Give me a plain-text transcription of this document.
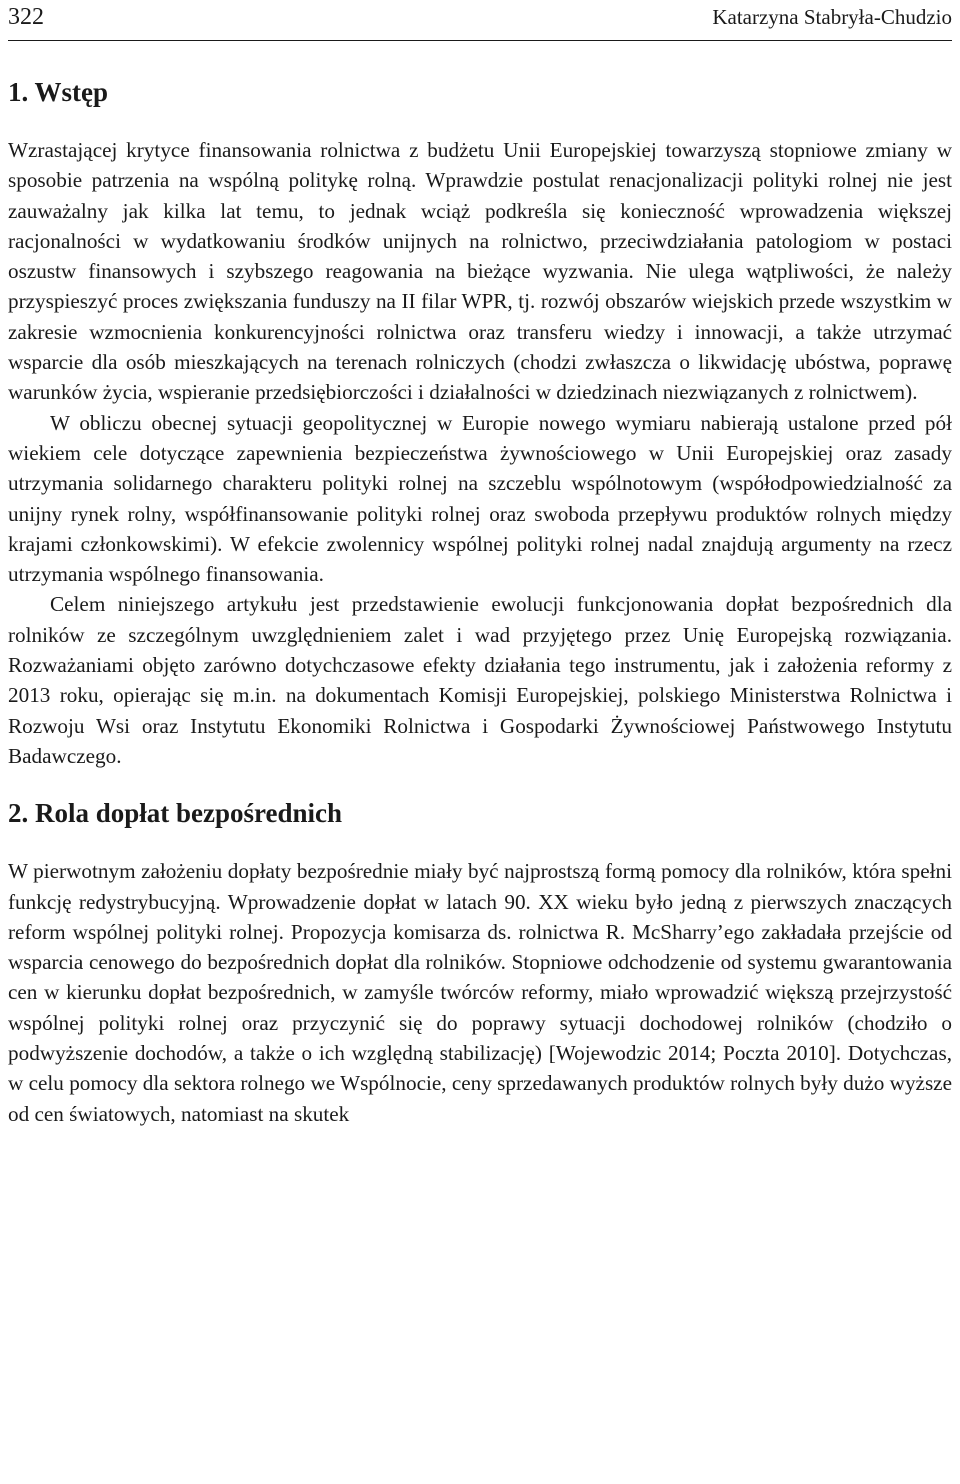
322	Katarzyna Stabryła-Chudzio
1. Wstęp

Wzrastającej krytyce finansowania rolnictwa z budżetu Unii Europejskiej towarzyszą stopniowe zmiany w sposobie patrzenia na wspólną politykę rolną. Wprawdzie postulat renacjonalizacji polityki rolnej nie jest zauważalny jak kilka lat temu, to jednak wciąż podkreśla się konieczność wprowadzenia większej racjonalności w wydatkowaniu środków unijnych na rolnictwo, przeciwdziałania patologiom w postaci oszustw finansowych i szybszego reagowania na bieżące wyzwania. Nie ulega wątpliwości, że należy przyspieszyć proces zwiększania funduszy na II filar WPR, tj. rozwój obszarów wiejskich przede wszystkim w zakresie wzmocnienia konkurencyjności rolnictwa oraz transferu wiedzy i innowacji, a także utrzymać wsparcie dla osób mieszkających na terenach rolniczych (chodzi zwłaszcza o likwidację ubóstwa, poprawę warunków życia, wspieranie przedsiębiorczości i działalności w dziedzinach niezwiązanych z rolnictwem).

W obliczu obecnej sytuacji geopolitycznej w Europie nowego wymiaru nabierają ustalone przed pół wiekiem cele dotyczące zapewnienia bezpieczeństwa żywnościowego w Unii Europejskiej oraz zasady utrzymania solidarnego charakteru polityki rolnej na szczeblu wspólnotowym (współodpowiedzialność za unijny rynek rolny, współfinansowanie polityki rolnej oraz swoboda przepływu produktów rolnych między krajami członkowskimi). W efekcie zwolennicy wspólnej polityki rolnej nadal znajdują argumenty na rzecz utrzymania wspólnego finansowania.

Celem niniejszego artykułu jest przedstawienie ewolucji funkcjonowania dopłat bezpośrednich dla rolników ze szczególnym uwzględnieniem zalet i wad przyjętego przez Unię Europejską rozwiązania. Rozważaniami objęto zarówno dotychczasowe efekty działania tego instrumentu, jak i założenia reformy z 2013 roku, opierając się m.in. na dokumentach Komisji Europejskiej, polskiego Ministerstwa Rolnictwa i Rozwoju Wsi oraz Instytutu Ekonomiki Rolnictwa i Gospodarki Żywnościowej Państwowego Instytutu Badawczego.

2. Rola dopłat bezpośrednich

W pierwotnym założeniu dopłaty bezpośrednie miały być najprostszą formą pomocy dla rolników, która spełni funkcję redystrybucyjną. Wprowadzenie dopłat w latach 90. XX wieku było jedną z pierwszych znaczących reform wspólnej polityki rolnej. Propozycja komisarza ds. rolnictwa R. McSharry’ego zakładała przejście od wsparcia cenowego do bezpośrednich dopłat dla rolników. Stopniowe odchodzenie od systemu gwarantowania cen w kierunku dopłat bezpośrednich, w zamyśle twórców reformy, miało wprowadzić większą przejrzystość wspólnej polityki rolnej oraz przyczynić się do poprawy sytuacji dochodowej rolników (chodziło o podwyższenie dochodów, a także o ich względną stabilizację) [Wojewodzic 2014; Poczta 2010]. Dotychczas, w celu pomocy dla sektora rolnego we Wspólnocie, ceny sprzedawanych produktów rolnych były dużo wyższe od cen światowych, natomiast na skutek
